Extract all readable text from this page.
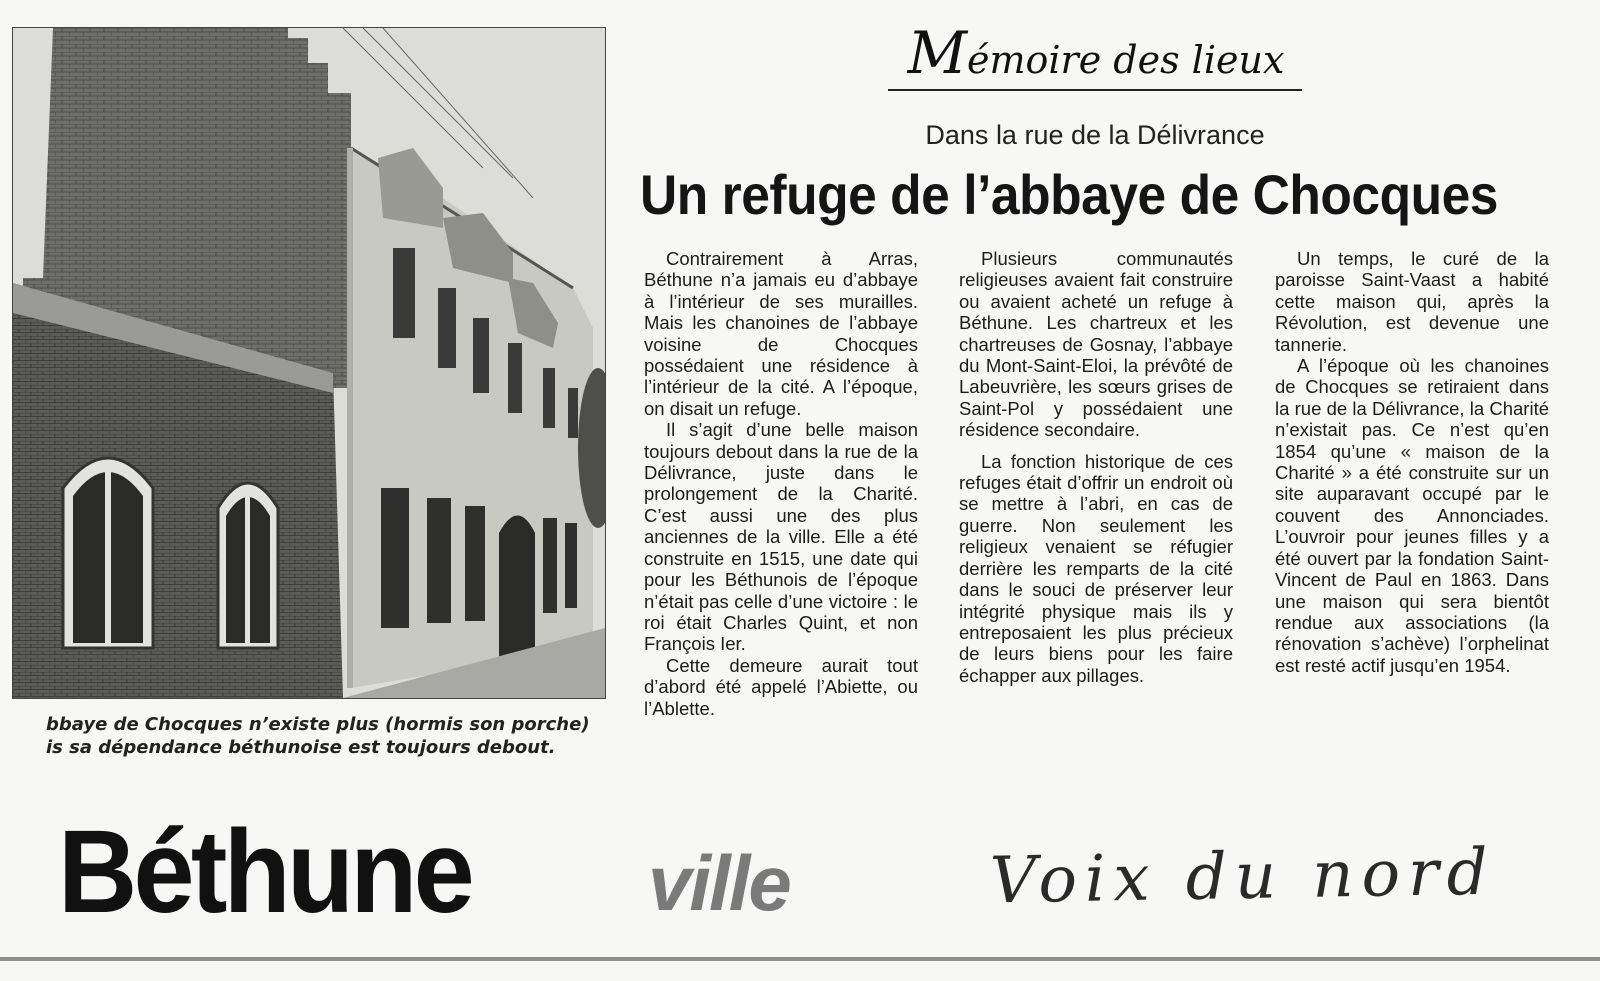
bbaye de Chocques n’existe plus (hormis son porche)
is sa dépendance béthunoise est toujours debout.
Mémoire des lieux
Dans la rue de la Délivrance
Un refuge de l’abbaye de Chocques

Contrairement à Arras, Béthune n’a jamais eu d’abbaye à l’intérieur de ses murailles. Mais les chanoines de l’abbaye voisine de Chocques possédaient une résidence à l’intérieur de la cité. A l’époque, on disait un refuge.

Il s’agit d’une belle maison toujours debout dans la rue de la Délivrance, juste dans le prolongement de la Charité. C’est aussi une des plus anciennes de la ville. Elle a été construite en 1515, une date qui pour les Béthunois de l’époque n’était pas celle d’une victoire : le roi était Charles Quint, et non François Ier.

Cette demeure aurait tout d’abord été appelé l’Abiette, ou l’Ablette.

Plusieurs communautés religieuses avaient fait construire ou avaient acheté un refuge à Béthune. Les chartreux et les chartreuses de Gosnay, l’abbaye du Mont-Saint-Eloi, la prévôté de Labeuvrière, les sœurs grises de Saint-Pol y possédaient une résidence secondaire.

La fonction historique de ces refuges était d’offrir un endroit où se mettre à l’abri, en cas de guerre. Non seulement les religieux venaient se réfugier derrière les remparts de la cité dans le souci de préserver leur intégrité physique mais ils y entreposaient les plus précieux de leurs biens pour les faire échapper aux pillages.

Un temps, le curé de la paroisse Saint-Vaast a habité cette maison qui, après la Révolution, est devenue une tannerie.

A l’époque où les chanoines de Chocques se retiraient dans la rue de la Délivrance, la Charité n’existait pas. Ce n’est qu’en 1854 qu’une « maison de la Charité » a été construite sur un site auparavant occupé par le couvent des Annonciades. L’ouvroir pour jeunes filles y a été ouvert par la fondation Saint-Vincent de Paul en 1863. Dans une maison qui sera bientôt rendue aux associations (la rénovation s’achève) l’orphelinat est resté actif jusqu’en 1954.

Béthune ville	Voix du nord
